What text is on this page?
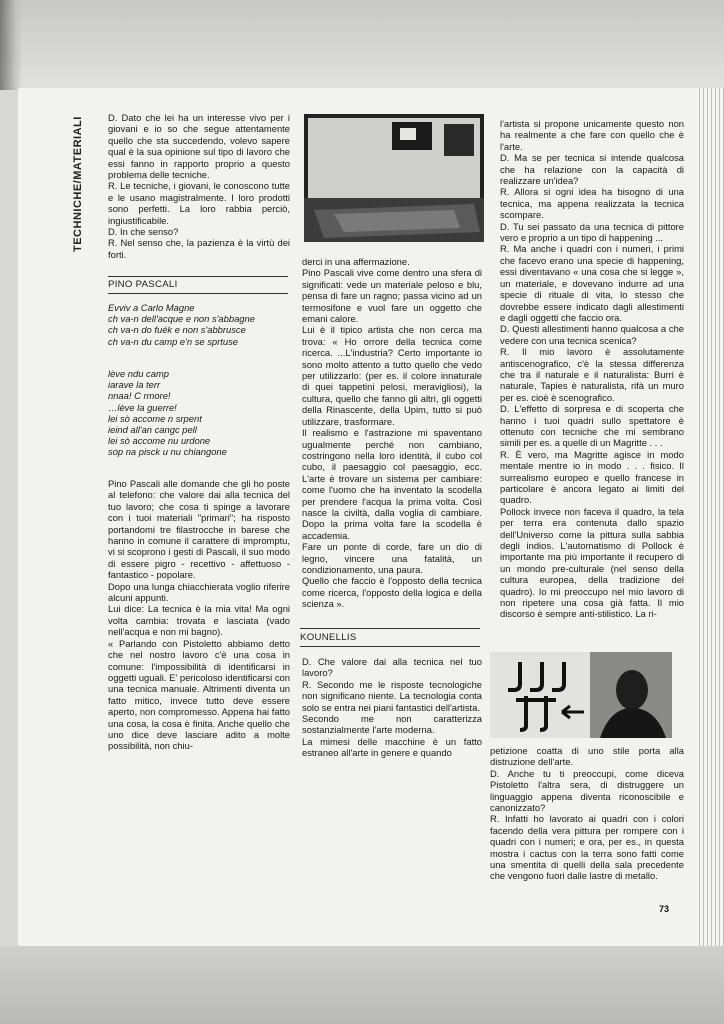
TECHNICHE/MATERIALI	D. Dato che lei ha un interesse vivo per i giovani e io so che segue attentamente quello che sta succedendo, volevo sapere qual è la sua opinione sul tipo di lavoro che essi fanno in rapporto proprio a questo problema delle tecniche.

R. Le tecniche, i giovani, le conoscono tutte e le usano magistralmente. I loro prodotti sono perfetti. La loro rabbia perciò, ingiustificabile.

D. In che senso?

R. Nel senso che, la pazienza è la virtù dei forti.

PINO PASCALI
Evviv a Carlo Magne
ch va-n dell'acque e non s'abbagne
ch va-n do fuék e non s'abbrusce
ch va-n du camp e'n se sprtuse
lève ndu camp
iarave la terr
nnaa! C rmore!
…lève la guerre!
lei sò accome n srpent
ieind all'an cangc pell
lei sò accome nu urdone
sop na pisck u nu chiangone

Pino Pascali alle domande che gli ho poste al telefono: che valore dai alla tecnica del tuo lavoro; che cosa ti spinge a lavorare con i tuoi materiali "primari"; ha risposto portandomi tre filastrocche in barese che hanno in comune il carattere di impromptu, vi si scoprono i gesti di Pascali, il suo modo di essere pigro - recettivo - affettuoso - fantastico - popolare.

Dopo una lunga chiacchierata voglio riferire alcuni appunti.

Lui dice: La tecnica è la mia vita! Ma ogni volta cambia: trovata e lasciata (vado nell'acqua e non mi bagno).

« Parlando con Pistoletto abbiamo detto che nel nostro lavoro c'è una cosa in comune: l'impossibilità di identificarsi in oggetti uguali. E' pericoloso identificarsi con una tecnica manuale. Altrimenti diventa un fatto mitico, invece tutto deve essere aperto, non compromesso. Appena hai fatto una cosa, la cosa è finita. Anche quello che uno dice deve lasciare adito a molte possibilità, non chiu-

derci in una affermazione.

Pino Pascali vive come dentro una sfera di significati: vede un materiale peloso e blu, pensa di fare un ragno; passa vicino ad un termosifone e vuol fare un oggetto che emani calore.

Lui è il tipico artista che non cerca ma trova: « Ho orrore della tecnica come ricerca. ...L'industria? Certo importante io sono molto attento a tutto quello che vedo per utilizzarlo: (per es. il colore innaturale di quei tappetini pelosi, meravigliosi), la cultura, quello che fanno gli altri, gli oggetti della Rinascente, della Upim, tutto si può utilizzare, trasformare.

Il realismo e l'astrazione mi spaventano ugualmente perché non cambiano, costringono nella loro identità, il cubo col cubo, il paesaggio col paesaggio, ecc. L'arte è trovare un sistema per cambiare: come l'uomo che ha inventato la scodella per prendere l'acqua la prima volta. Così nasce la civiltà, dalla voglia di cambiare. Dopo la prima volta fare la scodella è accademia.

Fare un ponte di corde, fare un dio di legno, vincere una fatalità, un condizionamento, una paura.

Quello che faccio è l'opposto della tecnica come ricerca, l'opposto della logica e della scienza ».

KOUNELLIS

D. Che valore dai alla tecnica nel tuo lavoro?

R. Secondo me le risposte tecnologiche non significano niente. La tecnologia conta solo se entra nei piani fantastici dell'artista.

Secondo me non caratterizza sostanzialmente l'arte moderna.

La mimesi delle macchine è un fatto estraneo all'arte in genere e quando

l'artista si propone unicamente questo non ha realmente a che fare con quello che è l'arte.

D. Ma se per tecnica si intende qualcosa che ha relazione con la capacità di realizzare un'idea?

R. Allora si ogni idea ha bisogno di una tecnica, ma appena realizzata la tecnica scompare.

D. Tu sei passato da una tecnica di pittore vero e proprio a un tipo di happening ...

R. Ma anche i quadri con i numeri, i primi che facevo erano una specie di happening, essi diventavano « una cosa che si legge », un materiale, e dovevano indurre ad una specie di rituale di vita, lo stesso che dovrebbe essere indicato dagli allestimenti e dagli oggetti che faccio ora.

D. Questi allestimenti hanno qualcosa a che vedere con una tecnica scenica?

R. Il mio lavoro è assolutamente antiscenografico, c'è la stessa differenza che tra il naturale e il naturalista: Burri è naturale, Tapies è naturalista, rifà un muro per es. cioè è scenografico.

D. L'effetto di sorpresa e di scoperta che hanno i tuoi quadri sullo spettatore è ottenuto con tecniche che mi sembrano simili per es. a quelle di un Magritte . . .

R. È vero, ma Magritte agisce in modo mentale mentre io in modo . . . fisico. Il surrealismo europeo e quello francese in particolare è ancora legato ai limiti del quadro.

Pollock invece non faceva il quadro, la tela per terra era contenuta dallo spazio dell'Universo come la pittura sulla sabbia degli indios. L'automatismo di Pollock è importante ma più importante il recupero di un mondo pre-culturale (nel senso della cultura europea, della tradizione del quadro). Io mi preoccupo nel mio lavoro di non ripetere una cosa già fatta. Il mio discorso è sempre anti-stilistico. La ri-

petizione coatta di uno stile porta alla distruzione dell'arte.

D. Anche tu ti preoccupi, come diceva Pistoletto l'altra sera, di distruggere un linguaggio appena diventa riconoscibile e canonizzato?

R. Infatti ho lavorato ai quadri con i colori facendo della vera pittura per rompere con i quadri con i numeri; e ora, per es., in questa mostra i cactus con la terra sono fatti come una smentita di quelli della sala precedente che vengono fuori dalle lastre di metallo.

73
